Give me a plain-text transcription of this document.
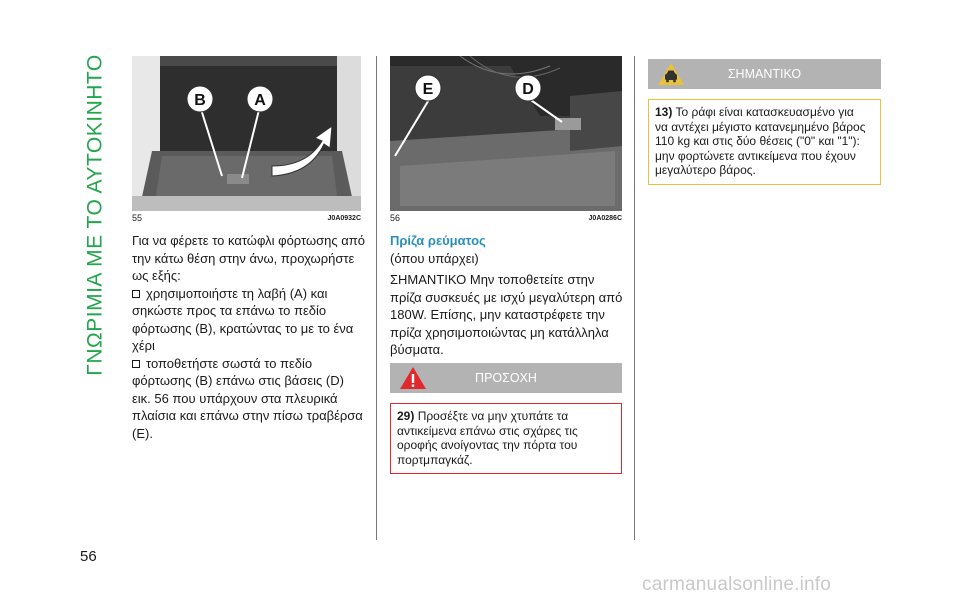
ΓΝΩΡΙΜΙΑ ΜΕ ΤΟ ΑΥΤΟΚΙΝΗΤΟ
56
B	A
55	J0A0932C
Για να φέρετε το κατώφλι φόρτωσης από
την κάτω θέση στην άνω, προχωρήστε
ως εξής:
χρησιμοποιήστε τη λαβή (A) και
σηκώστε προς τα επάνω το πεδίο
φόρτωσης (B), κρατώντας το με το ένα
χέρι
τοποθετήστε σωστά το πεδίο
φόρτωσης (B) επάνω στις βάσεις (D)
εικ. 56 που υπάρχουν στα πλευρικά
πλαίσια και επάνω στην πίσω τραβέρσα
(E).
E	D
56	J0A0286C
Πρίζα ρεύματος
(όπου υπάρχει)
ΣΗΜΑΝΤΙΚΟ Μην τοποθετείτε στην
πρίζα συσκευές με ισχύ μεγαλύτερη από
180W. Επίσης, μην καταστρέφετε την
πρίζα χρησιμοποιώντας μη κατάλληλα
βύσματα.
ΠΡΟΣΟΧΗ
29) Προσέξτε να μην χτυπάτε τα
αντικείμενα επάνω στις σχάρες τις
οροφής ανοίγοντας την πόρτα του
πορτμπαγκάζ.
ΣΗΜΑΝΤΙΚΟ
13) Το ράφι είναι κατασκευασμένο για
να αντέχει μέγιστο κατανεμημένο βάρος
110 kg και στις δύο θέσεις ("0" και "1"):
μην φορτώνετε αντικείμενα που έχουν
μεγαλύτερο βάρος.
carmanualsonline.info
